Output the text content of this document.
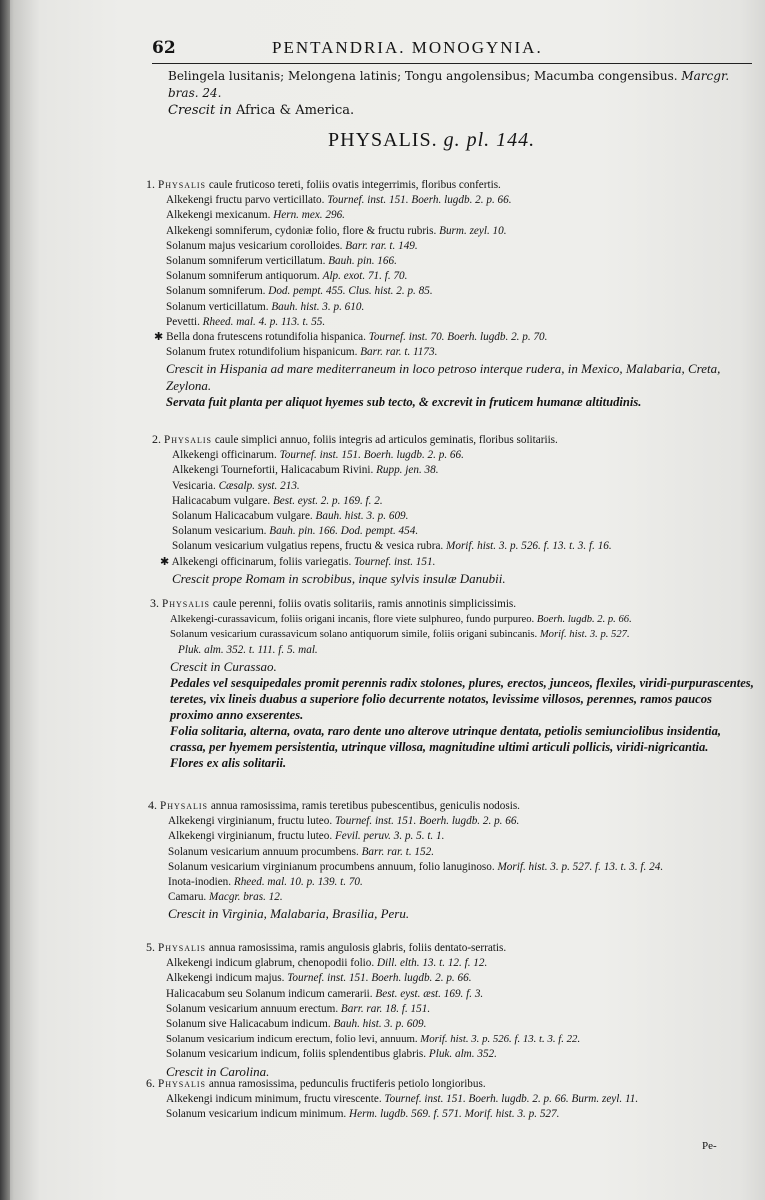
62	PENTANDRIA. MONOGYNIA.
Belingela lusitanis; Melongena latinis; Tongu angolensibus; Macumba congensibus. Marcgr. bras. 24.
Crescit in Africa & America.
PHYSALIS. g. pl. 144.
1. Physalis caule fruticoso tereti, foliis ovatis integerrimis, floribus confertis.
Alkekengi fructu parvo verticillato. Tournef. inst. 151. Boerh. lugdb. 2. p. 66.
Alkekengi mexicanum. Hern. mex. 296.
Alkekengi somniferum, cydoniæ folio, flore & fructu rubris. Burm. zeyl. 10.
Solanum majus vesicarium corolloides. Barr. rar. t. 149.
Solanum somniferum verticillatum. Bauh. pin. 166.
Solanum somniferum antiquorum. Alp. exot. 71. f. 70.
Solanum somniferum. Dod. pempt. 455. Clus. hist. 2. p. 85.
Solanum verticillatum. Bauh. hist. 3. p. 610.
Pevetti. Rheed. mal. 4. p. 113. t. 55.
✱ Bella dona frutescens rotundifolia hispanica. Tournef. inst. 70. Boerh. lugdb. 2. p. 70.
Solanum frutex rotundifolium hispanicum. Barr. rar. t. 1173.
Crescit in Hispania ad mare mediterraneum in loco petroso interque rudera, in Mexico, Malabaria, Creta, Zeylona.
Servata fuit planta per aliquot hyemes sub tecto, & excrevit in fruticem humanæ altitudinis.
2. Physalis caule simplici annuo, foliis integris ad articulos geminatis, floribus solitariis.
Alkekengi officinarum. Tournef. inst. 151. Boerh. lugdb. 2. p. 66.
Alkekengi Tournefortii, Halicacabum Rivini. Rupp. jen. 38.
Vesicaria. Cæsalp. syst. 213.
Halicacabum vulgare. Best. eyst. 2. p. 169. f. 2.
Solanum Halicacabum vulgare. Bauh. hist. 3. p. 609.
Solanum vesicarium. Bauh. pin. 166. Dod. pempt. 454.
Solanum vesicarium vulgatius repens, fructu & vesica rubra. Morif. hist. 3. p. 526. f. 13. t. 3. f. 16.
✱ Alkekengi officinarum, foliis variegatis. Tournef. inst. 151.
Crescit prope Romam in scrobibus, inque sylvis insulæ Danubii.
3. Physalis caule perenni, foliis ovatis solitariis, ramis annotinis simplicissimis.
Alkekengi-curassavicum, foliis origani incanis, flore viete sulphureo, fundo purpureo. Boerh. lugdb. 2. p. 66.
Solanum vesicarium curassavicum solano antiquorum simile, foliis origani subincanis. Morif. hist. 3. p. 527.
Pluk. alm. 352. t. 111. f. 5. mal.
Crescit in Curassao.
Pedales vel sesquipedales promit perennis radix stolones, plures, erectos, junceos, flexiles, viridi-purpurascentes, teretes, vix lineis duabus a superiore folio decurrente notatos, levissime villosos, perennes, ramos paucos proximo anno exserentes.
Folia solitaria, alterna, ovata, raro dente uno alterove utrinque dentata, petiolis semiunciolibus insidentia, crassa, per hyemem persistentia, utrinque villosa, magnitudine ultimi articuli pollicis, viridi-nigricantia.
Flores ex alis solitarii.
4. Physalis annua ramosissima, ramis teretibus pubescentibus, geniculis nodosis.
Alkekengi virginianum, fructu luteo. Tournef. inst. 151. Boerh. lugdb. 2. p. 66.
Alkekengi virginianum, fructu luteo. Fevil. peruv. 3. p. 5. t. 1.
Solanum vesicarium annuum procumbens. Barr. rar. t. 152.
Solanum vesicarium virginianum procumbens annuum, folio lanuginoso. Morif. hist. 3. p. 527. f. 13. t. 3. f. 24.
Inota-inodien. Rheed. mal. 10. p. 139. t. 70.
Camaru. Macgr. bras. 12.
Crescit in Virginia, Malabaria, Brasilia, Peru.
5. Physalis annua ramosissima, ramis angulosis glabris, foliis dentato-serratis.
Alkekengi indicum glabrum, chenopodii folio. Dill. elth. 13. t. 12. f. 12.
Alkekengi indicum majus. Tournef. inst. 151. Boerh. lugdb. 2. p. 66.
Halicacabum seu Solanum indicum camerarii. Best. eyst. æst. 169. f. 3.
Solanum vesicarium annuum erectum. Barr. rar. 18. f. 151.
Solanum sive Halicacabum indicum. Bauh. hist. 3. p. 609.
Solanum vesicarium indicum erectum, folio levi, annuum. Morif. hist. 3. p. 526. f. 13. t. 3. f. 22.
Solanum vesicarium indicum, foliis splendentibus glabris. Pluk. alm. 352.
Crescit in Carolina.
6. Physalis annua ramosissima, pedunculis fructiferis petiolo longioribus.
Alkekengi indicum minimum, fructu virescente. Tournef. inst. 151. Boerh. lugdb. 2. p. 66. Burm. zeyl. 11.
Solanum vesicarium indicum minimum. Herm. lugdb. 569. f. 571. Morif. hist. 3. p. 527.
Pe-
